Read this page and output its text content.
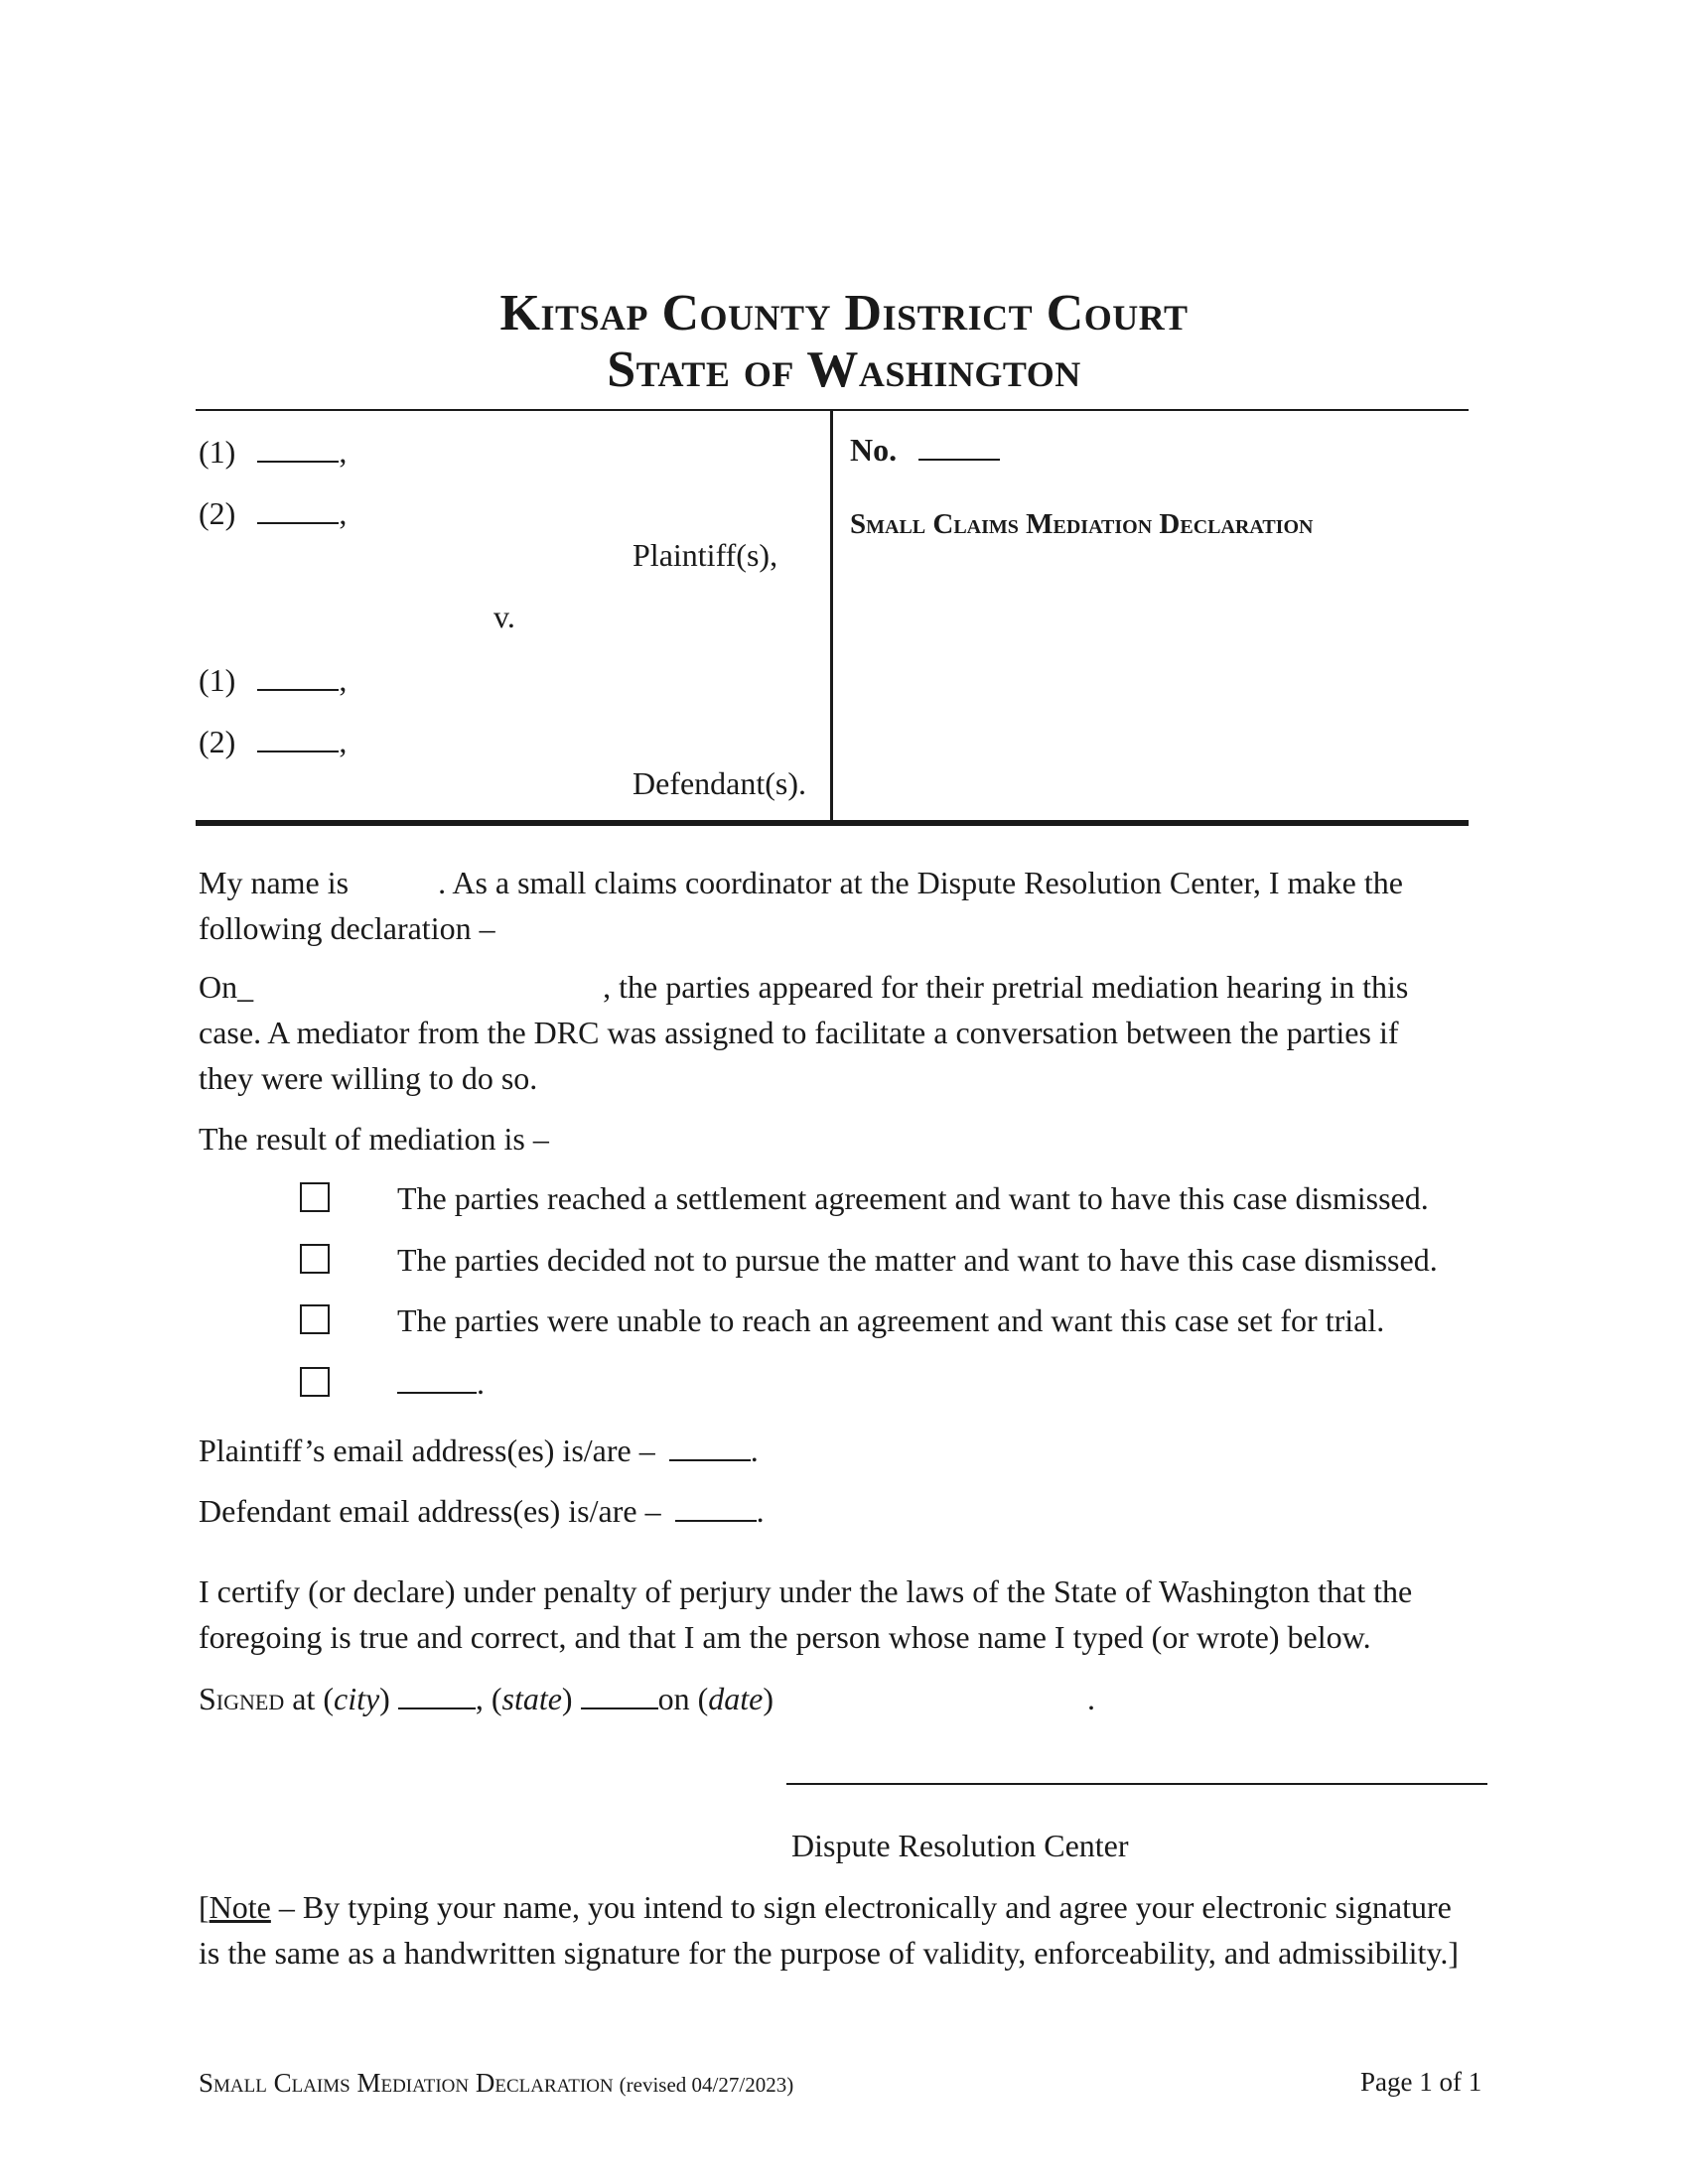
Kitsap County District Court
State of Washington
(1)	,
(2)	,
Plaintiff(s),
v.
(1)	,
(2)	,
Defendant(s).
No.
Small Claims Mediation Declaration
My name is	. As a small claims coordinator at the Dispute Resolution Center, I make the
following declaration –
On_	, the parties appeared for their pretrial mediation hearing in this
case. A mediator from the DRC was assigned to facilitate a conversation between the parties if
they were willing to do so.
The result of mediation is –
The parties reached a settlement agreement and want to have this case dismissed.
The parties decided not to pursue the matter and want to have this case dismissed.
The parties were unable to reach an agreement and want this case set for trial.
.
Plaintiff’s email address(es) is/are –	.
Defendant email address(es) is/are –	.
I certify (or declare) under penalty of perjury under the laws of the State of Washington that the
foregoing is true and correct, and that I am the person whose name I typed (or wrote) below.
Signed at (city) , (state) on (date)	.
Dispute Resolution Center
[Note – By typing your name, you intend to sign electronically and agree your electronic signature
is the same as a handwritten signature for the purpose of validity, enforceability, and admissibility.]
Small Claims Mediation Declaration (revised 04/27/2023)	Page 1 of 1
